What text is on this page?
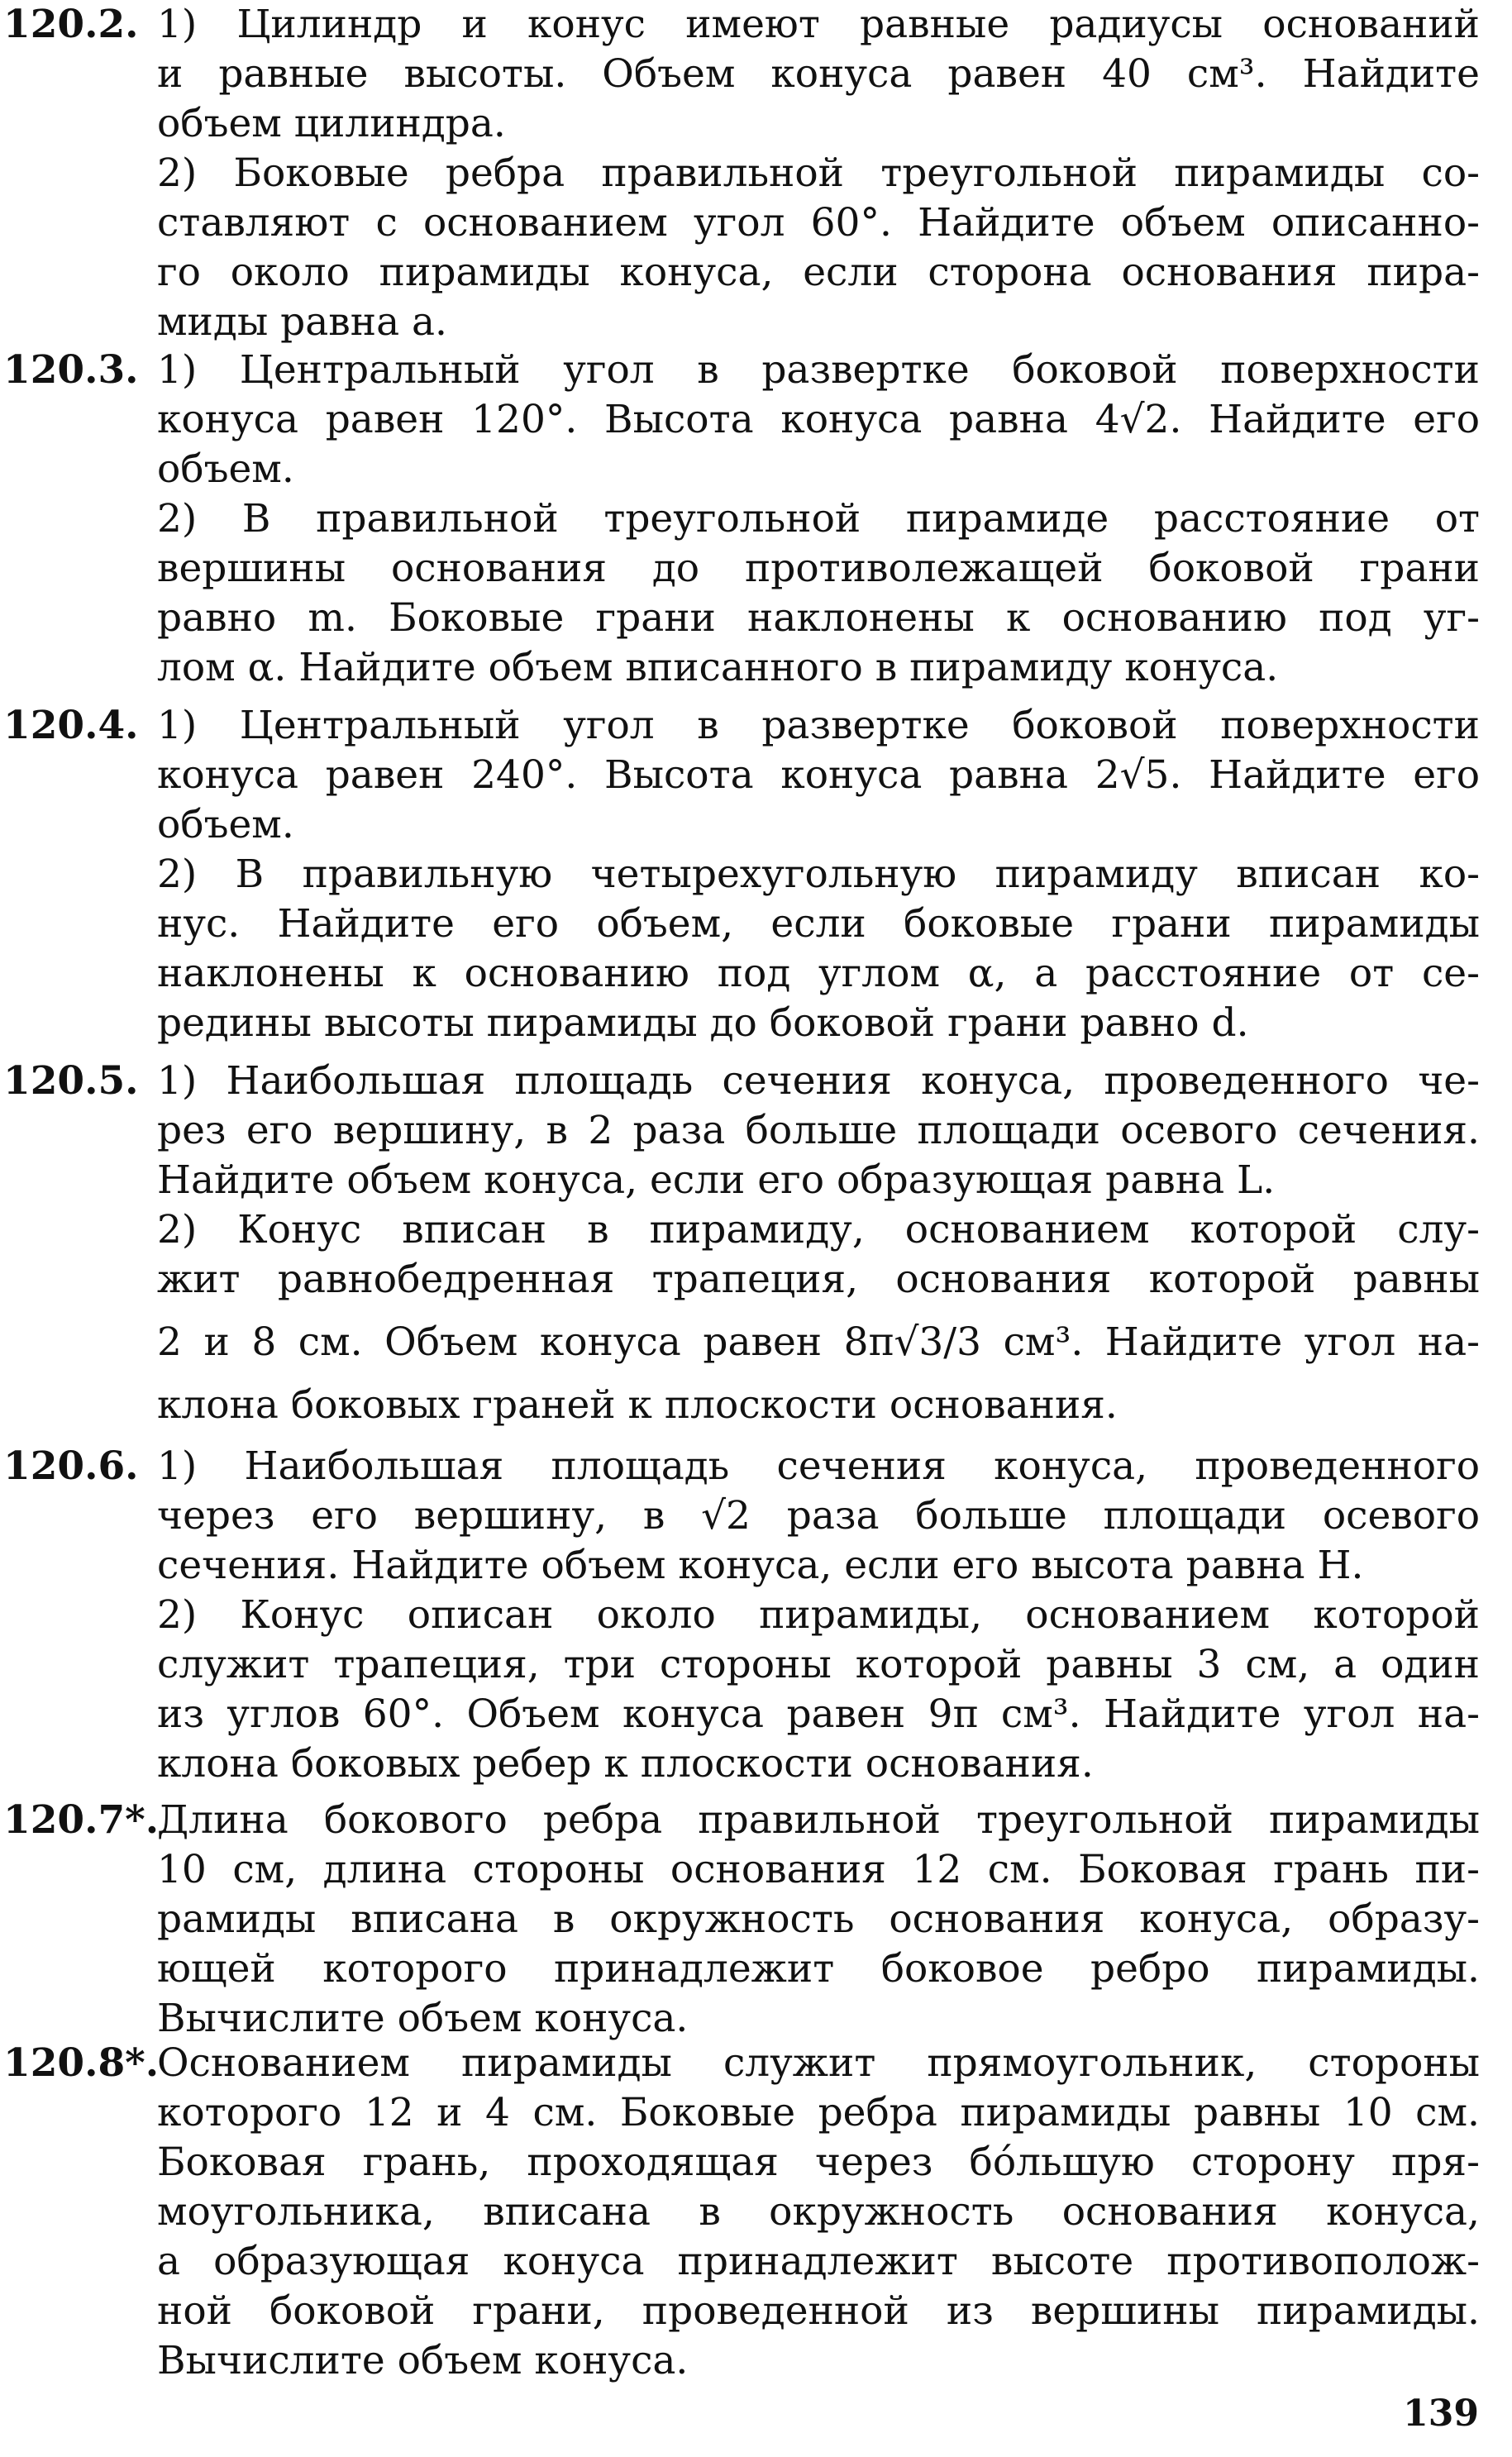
120.2. 1) Цилиндр и конус имеют равные радиусы оснований
и равные высоты. Объем конуса равен 40 см³. Найдите
объем цилиндра.
2) Боковые ребра правильной треугольной пирамиды со-
ставляют с основанием угол 60°. Найдите объем описанно-
го около пирамиды конуса, если сторона основания пира-
миды равна a.
120.3. 1) Центральный угол в развертке боковой поверхности
конуса равен 120°. Высота конуса равна 4√2. Найдите его
объем.
2) В правильной треугольной пирамиде расстояние от
вершины основания до противолежащей боковой грани
равно m. Боковые грани наклонены к основанию под уг-
лом α. Найдите объем вписанного в пирамиду конуса.
120.4. 1) Центральный угол в развертке боковой поверхности
конуса равен 240°. Высота конуса равна 2√5. Найдите его
объем.
2) В правильную четырехугольную пирамиду вписан ко-
нус. Найдите его объем, если боковые грани пирамиды
наклонены к основанию под углом α, а расстояние от се-
редины высоты пирамиды до боковой грани равно d.
120.5. 1) Наибольшая площадь сечения конуса, проведенного че-
рез его вершину, в 2 раза больше площади осевого сечения.
Найдите объем конуса, если его образующая равна L.
2) Конус вписан в пирамиду, основанием которой слу-
жит равнобедренная трапеция, основания которой равны
2 и 8 см. Объем конуса равен 8π√3/3 см³. Найдите угол на-
клона боковых граней к плоскости основания.
120.6. 1) Наибольшая площадь сечения конуса, проведенного
через его вершину, в √2 раза больше площади осевого
сечения. Найдите объем конуса, если его высота равна H.
2) Конус описан около пирамиды, основанием которой
служит трапеция, три стороны которой равны 3 см, а один
из углов 60°. Объем конуса равен 9π см³. Найдите угол на-
клона боковых ребер к плоскости основания.
120.7*.
Длина бокового ребра правильной треугольной пирамиды
10 см, длина стороны основания 12 см. Боковая грань пи-
рамиды вписана в окружность основания конуса, образу-
ющей которого принадлежит боковое ребро пирамиды.
Вычислите объем конуса.
120.8*.
Основанием пирамиды служит прямоугольник, стороны
которого 12 и 4 см. Боковые ребра пирамиды равны 10 см.
Боковая грань, проходящая через бóльшую сторону пря-
моугольника, вписана в окружность основания конуса,
а образующая конуса принадлежит высоте противополож-
ной боковой грани, проведенной из вершины пирамиды.
Вычислите объем конуса.
139
